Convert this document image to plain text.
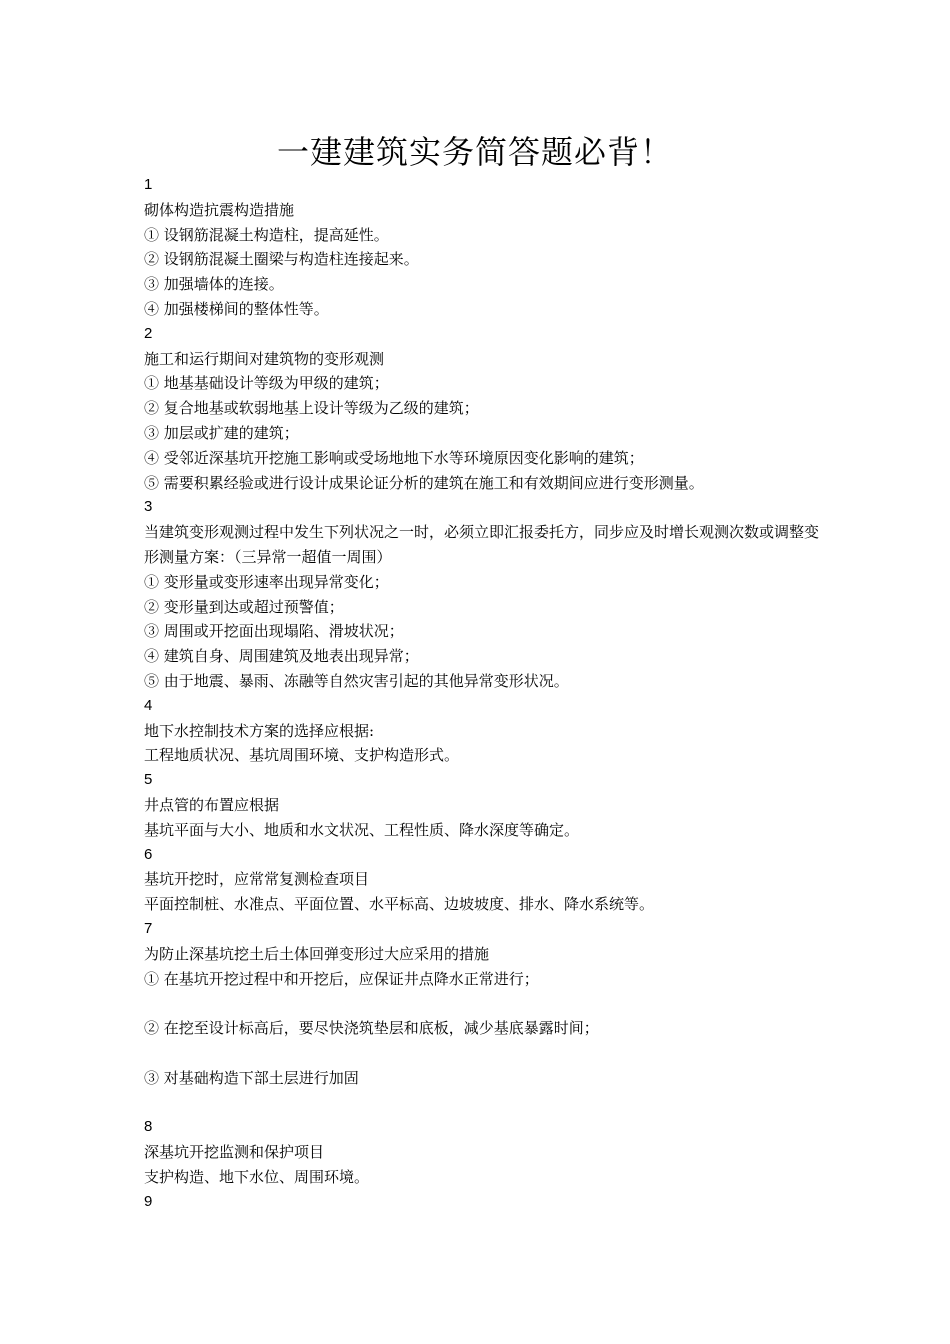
一建建筑实务简答题必背！
1
砌体构造抗震构造措施
① 设钢筋混凝土构造柱，提高延性。
② 设钢筋混凝土圈梁与构造柱连接起来。
③ 加强墙体的连接。
④ 加强楼梯间的整体性等。
2
施工和运行期间对建筑物的变形观测
① 地基基础设计等级为甲级的建筑；
② 复合地基或软弱地基上设计等级为乙级的建筑；
③ 加层或扩建的建筑；
④ 受邻近深基坑开挖施工影响或受场地地下水等环境原因变化影响的建筑；
⑤ 需要积累经验或进行设计成果论证分析的建筑在施工和有效期间应进行变形测量。
3
当建筑变形观测过程中发生下列状况之一时，必须立即汇报委托方，同步应及时增长观测次数或调整变形测量方案：（三异常一超值一周围）
① 变形量或变形速率出现异常变化；
② 变形量到达或超过预警值；
③ 周围或开挖面出现塌陷、滑坡状况；
④ 建筑自身、周围建筑及地表出现异常；
⑤ 由于地震、暴雨、冻融等自然灾害引起的其他异常变形状况。
4
地下水控制技术方案的选择应根据:
工程地质状况、基坑周围环境、支护构造形式。
5
井点管的布置应根据
基坑平面与大小、地质和水文状况、工程性质、降水深度等确定。
6
基坑开挖时，应常常复测检查项目
平面控制桩、水准点、平面位置、水平标高、边坡坡度、排水、降水系统等。
7
为防止深基坑挖土后土体回弹变形过大应采用的措施
① 在基坑开挖过程中和开挖后，应保证井点降水正常进行；
② 在挖至设计标高后，要尽快浇筑垫层和底板，减少基底暴露时间；
③ 对基础构造下部土层进行加固
8
深基坑开挖监测和保护项目
支护构造、地下水位、周围环境。
9
